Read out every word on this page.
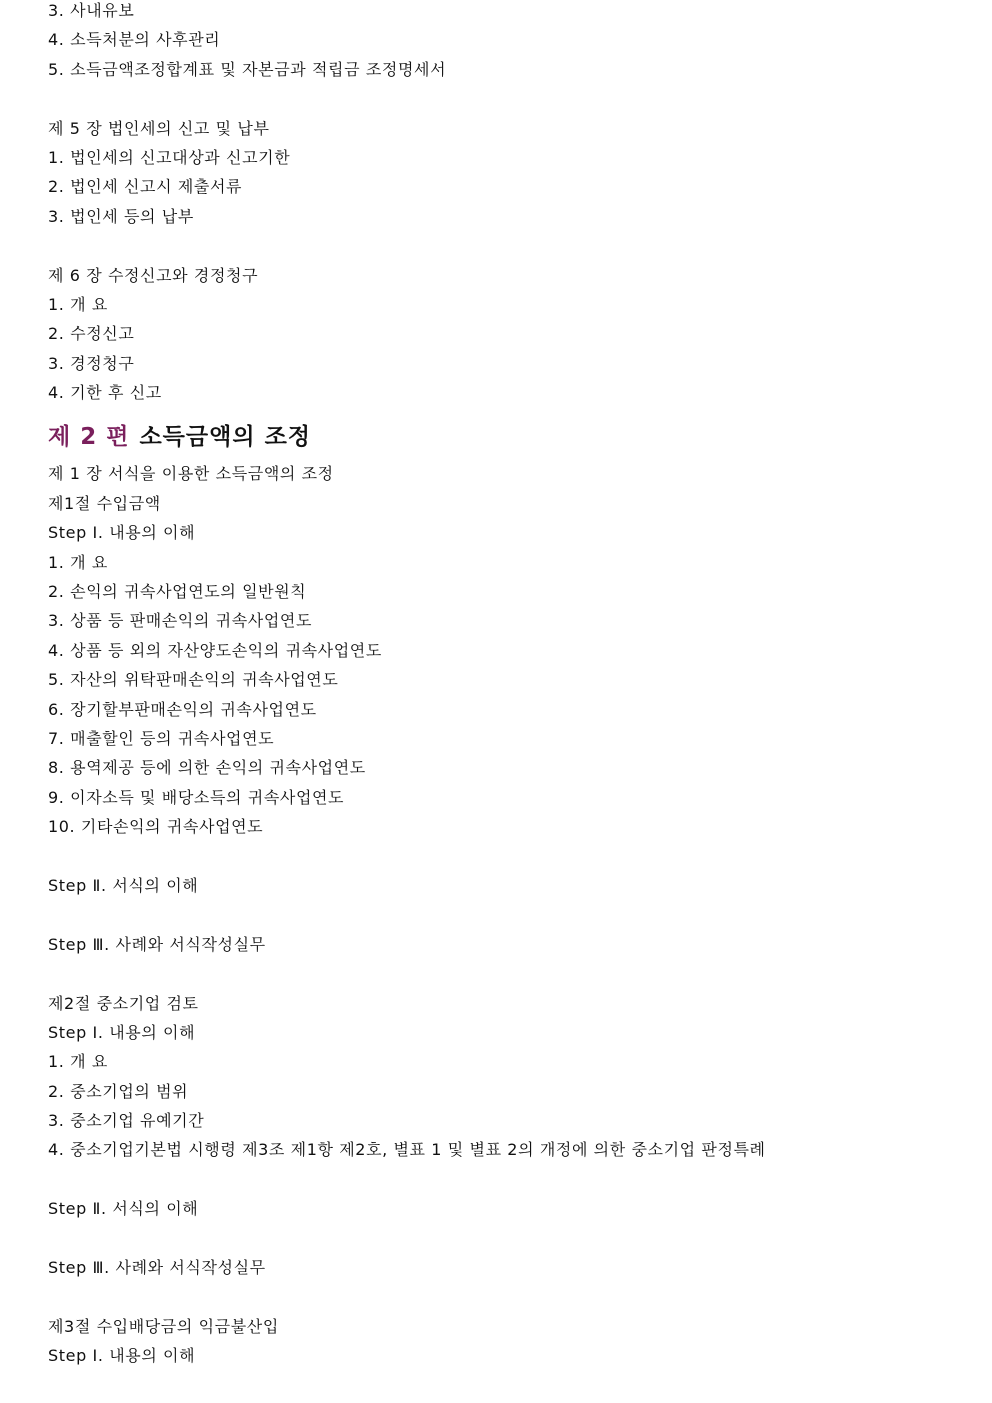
3. 사내유보
4. 소득처분의 사후관리
5. 소득금액조정합계표 및 자본금과 적립금 조정명세서
제 5 장 법인세의 신고 및 납부
1. 법인세의 신고대상과 신고기한
2. 법인세 신고시 제출서류
3. 법인세 등의 납부
제 6 장 수정신고와 경정청구
1. 개 요
2. 수정신고
3. 경정청구
4. 기한 후 신고
제 2 편 소득금액의 조정
제 1 장 서식을 이용한 소득금액의 조정
제1절 수입금액
Step Ⅰ. 내용의 이해
1. 개 요
2. 손익의 귀속사업연도의 일반원칙
3. 상품 등 판매손익의 귀속사업연도
4. 상품 등 외의 자산양도손익의 귀속사업연도
5. 자산의 위탁판매손익의 귀속사업연도
6. 장기할부판매손익의 귀속사업연도
7. 매출할인 등의 귀속사업연도
8. 용역제공 등에 의한 손익의 귀속사업연도
9. 이자소득 및 배당소득의 귀속사업연도
10. 기타손익의 귀속사업연도
Step Ⅱ. 서식의 이해
Step Ⅲ. 사례와 서식작성실무
제2절 중소기업 검토
Step Ⅰ. 내용의 이해
1. 개 요
2. 중소기업의 범위
3. 중소기업 유예기간
4. 중소기업기본법 시행령 제3조 제1항 제2호, 별표 1 및 별표 2의 개정에 의한 중소기업 판정특례
Step Ⅱ. 서식의 이해
Step Ⅲ. 사례와 서식작성실무
제3절 수입배당금의 익금불산입
Step Ⅰ. 내용의 이해
